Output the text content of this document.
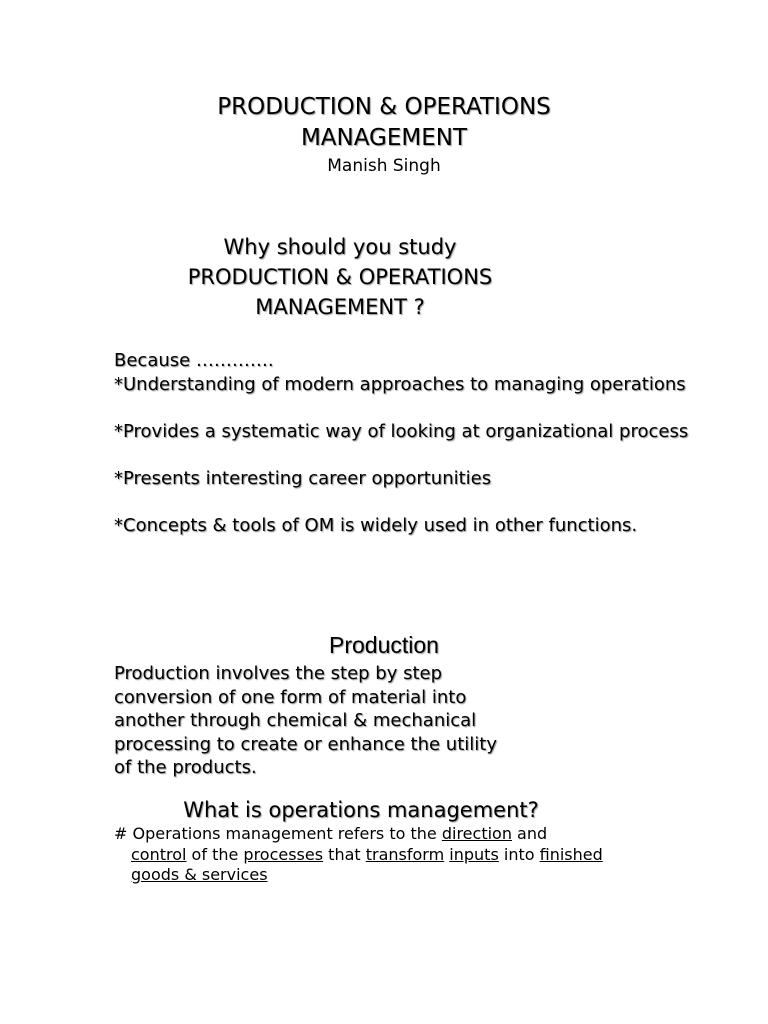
PRODUCTION & OPERATIONS
MANAGEMENT
Manish Singh
Why should you study
PRODUCTION & OPERATIONS
MANAGEMENT ?
Because ………….
*Understanding of modern approaches to managing operations
*Provides a systematic way of looking at organizational process
*Presents interesting career opportunities
*Concepts & tools of OM is widely used in other functions.
Production
Production involves the step by step
conversion of one form of material into
another through chemical & mechanical
processing to create or enhance the utility
of the products.
What is operations management?
# Operations management refers to the direction and
control of the processes that transform inputs into finished
goods & services
